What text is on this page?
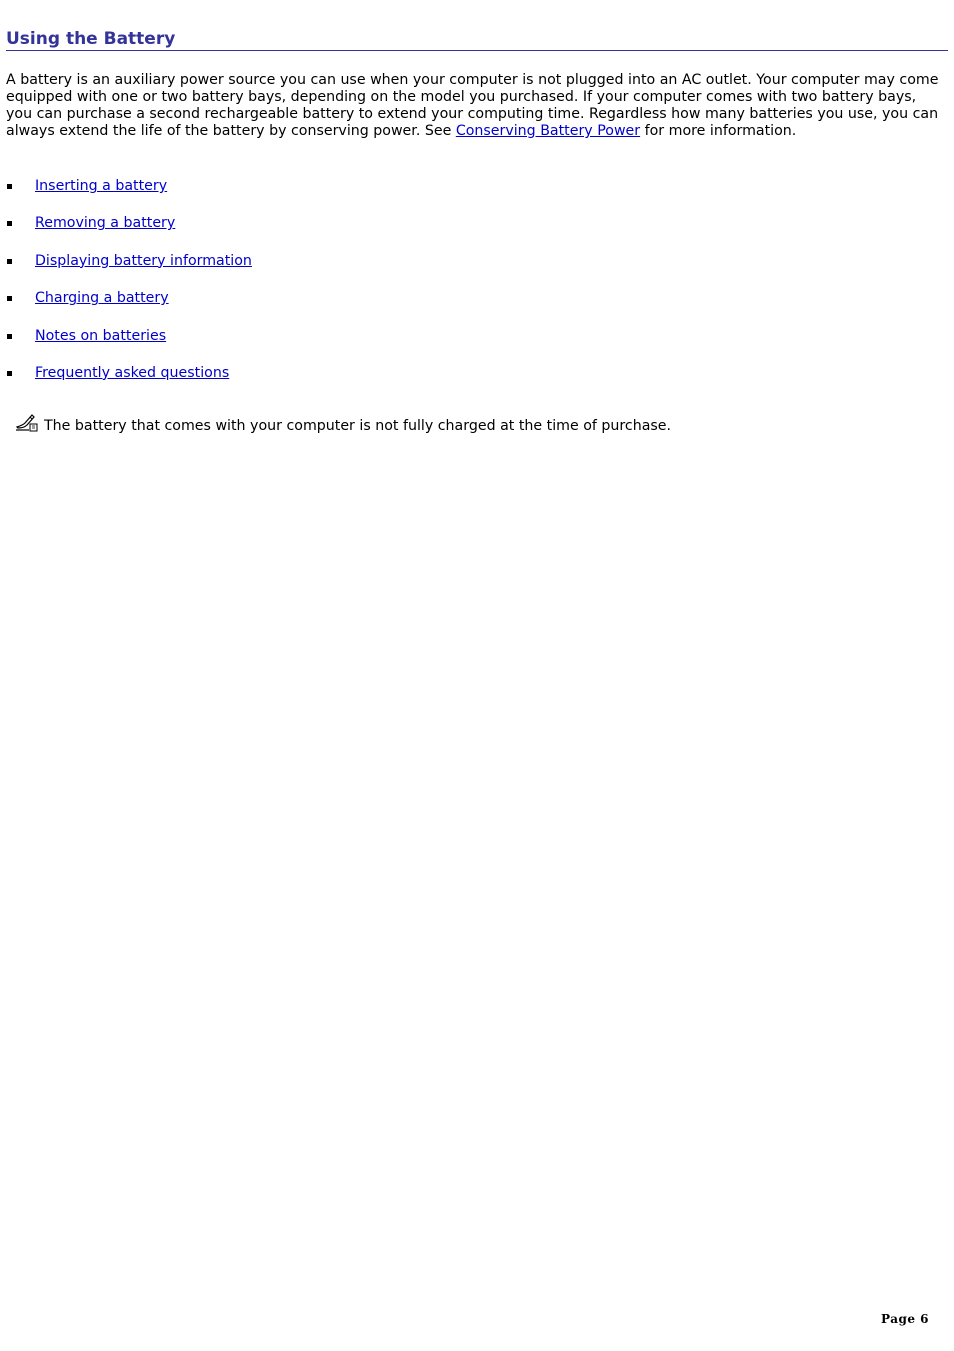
Using the Battery

A battery is an auxiliary power source you can use when your computer is not plugged into an AC outlet. Your computer may come equipped with one or two battery bays, depending on the model you purchased. If your computer comes with two battery bays, you can purchase a second rechargeable battery to extend your computing time. Regardless how many batteries you use, you can always extend the life of the battery by conserving power. See Conserving Battery Power for more information.

Inserting a battery
Removing a battery
Displaying battery information
Charging a battery
Notes on batteries
Frequently asked questions
The battery that comes with your computer is not fully charged at the time of purchase.
Page 6
